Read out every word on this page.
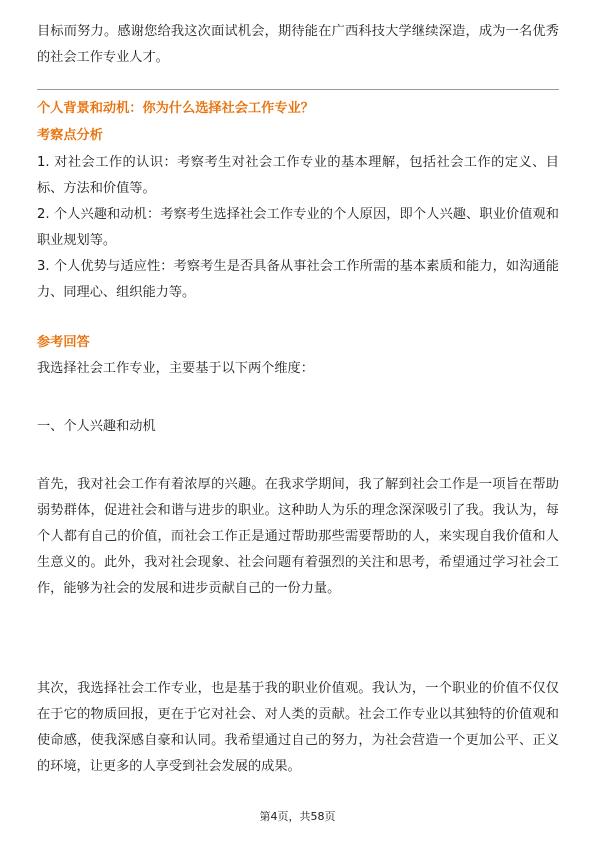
目标而努力。感谢您给我这次面试机会，期待能在广西科技大学继续深造，成为一名优秀的社会工作专业人才。
个人背景和动机：你为什么选择社会工作专业？
考察点分析
1. 对社会工作的认识：考察考生对社会工作专业的基本理解，包括社会工作的定义、目标、方法和价值等。
2. 个人兴趣和动机：考察考生选择社会工作专业的个人原因，即个人兴趣、职业价值观和职业规划等。
3. 个人优势与适应性：考察考生是否具备从事社会工作所需的基本素质和能力，如沟通能力、同理心、组织能力等。
参考回答
我选择社会工作专业，主要基于以下两个维度：
一、个人兴趣和动机
首先，我对社会工作有着浓厚的兴趣。在我求学期间，我了解到社会工作是一项旨在帮助弱势群体，促进社会和谐与进步的职业。这种助人为乐的理念深深吸引了我。我认为，每个人都有自己的价值，而社会工作正是通过帮助那些需要帮助的人，来实现自我价值和人生意义的。此外，我对社会现象、社会问题有着强烈的关注和思考，希望通过学习社会工作，能够为社会的发展和进步贡献自己的一份力量。
其次，我选择社会工作专业，也是基于我的职业价值观。我认为，一个职业的价值不仅仅在于它的物质回报，更在于它对社会、对人类的贡献。社会工作专业以其独特的价值观和使命感，使我深感自豪和认同。我希望通过自己的努力，为社会营造一个更加公平、正义的环境，让更多的人享受到社会发展的成果。
第4页，共58页
